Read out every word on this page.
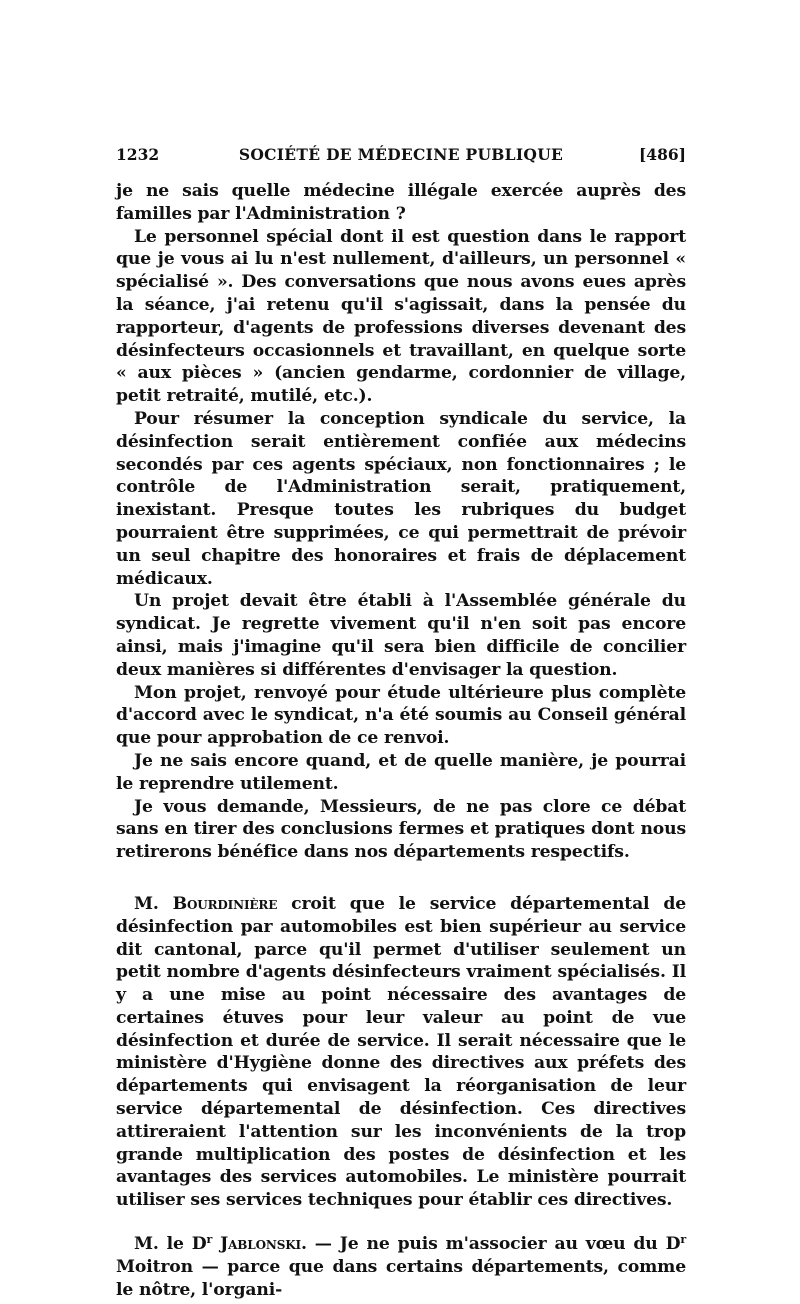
1232	SOCIÉTÉ DE MÉDECINE PUBLIQUE	[486]

je ne sais quelle médecine illégale exercée auprès des familles par l'Administration ?

Le personnel spécial dont il est question dans le rapport que je vous ai lu n'est nullement, d'ailleurs, un personnel « spécialisé ». Des conversations que nous avons eues après la séance, j'ai retenu qu'il s'agissait, dans la pensée du rapporteur, d'agents de professions diverses devenant des désinfecteurs occasionnels et travaillant, en quelque sorte « aux pièces » (ancien gendarme, cordonnier de village, petit retraité, mutilé, etc.).

Pour résumer la conception syndicale du service, la désinfection serait entièrement confiée aux médecins secondés par ces agents spéciaux, non fonctionnaires ; le contrôle de l'Administration serait, pratiquement, inexistant. Presque toutes les rubriques du budget pourraient être supprimées, ce qui permettrait de prévoir un seul chapitre des honoraires et frais de déplacement médicaux.

Un projet devait être établi à l'Assemblée générale du syndicat. Je regrette vivement qu'il n'en soit pas encore ainsi, mais j'imagine qu'il sera bien difficile de concilier deux manières si différentes d'envisager la question.

Mon projet, renvoyé pour étude ultérieure plus complète d'accord avec le syndicat, n'a été soumis au Conseil général que pour approbation de ce renvoi.

Je ne sais encore quand, et de quelle manière, je pourrai le reprendre utilement.

Je vous demande, Messieurs, de ne pas clore ce débat sans en tirer des conclusions fermes et pratiques dont nous retirerons bénéfice dans nos départements respectifs.

M. Bourdinière croit que le service départemental de désinfection par automobiles est bien supérieur au service dit cantonal, parce qu'il permet d'utiliser seulement un petit nombre d'agents désinfecteurs vraiment spécialisés. Il y a une mise au point nécessaire des avantages de certaines étuves pour leur valeur au point de vue désinfection et durée de service. Il serait nécessaire que le ministère d'Hygiène donne des directives aux préfets des départements qui envisagent la réorganisation de leur service départemental de désinfection. Ces directives attireraient l'attention sur les inconvénients de la trop grande multiplication des postes de désinfection et les avantages des services automobiles. Le ministère pourrait utiliser ses services techniques pour établir ces directives.

M. le $D^r$ Jablonski. — Je ne puis m'associer au vœu du $D^r$ Moitron — parce que dans certains départements, comme le nôtre, l'organi-
